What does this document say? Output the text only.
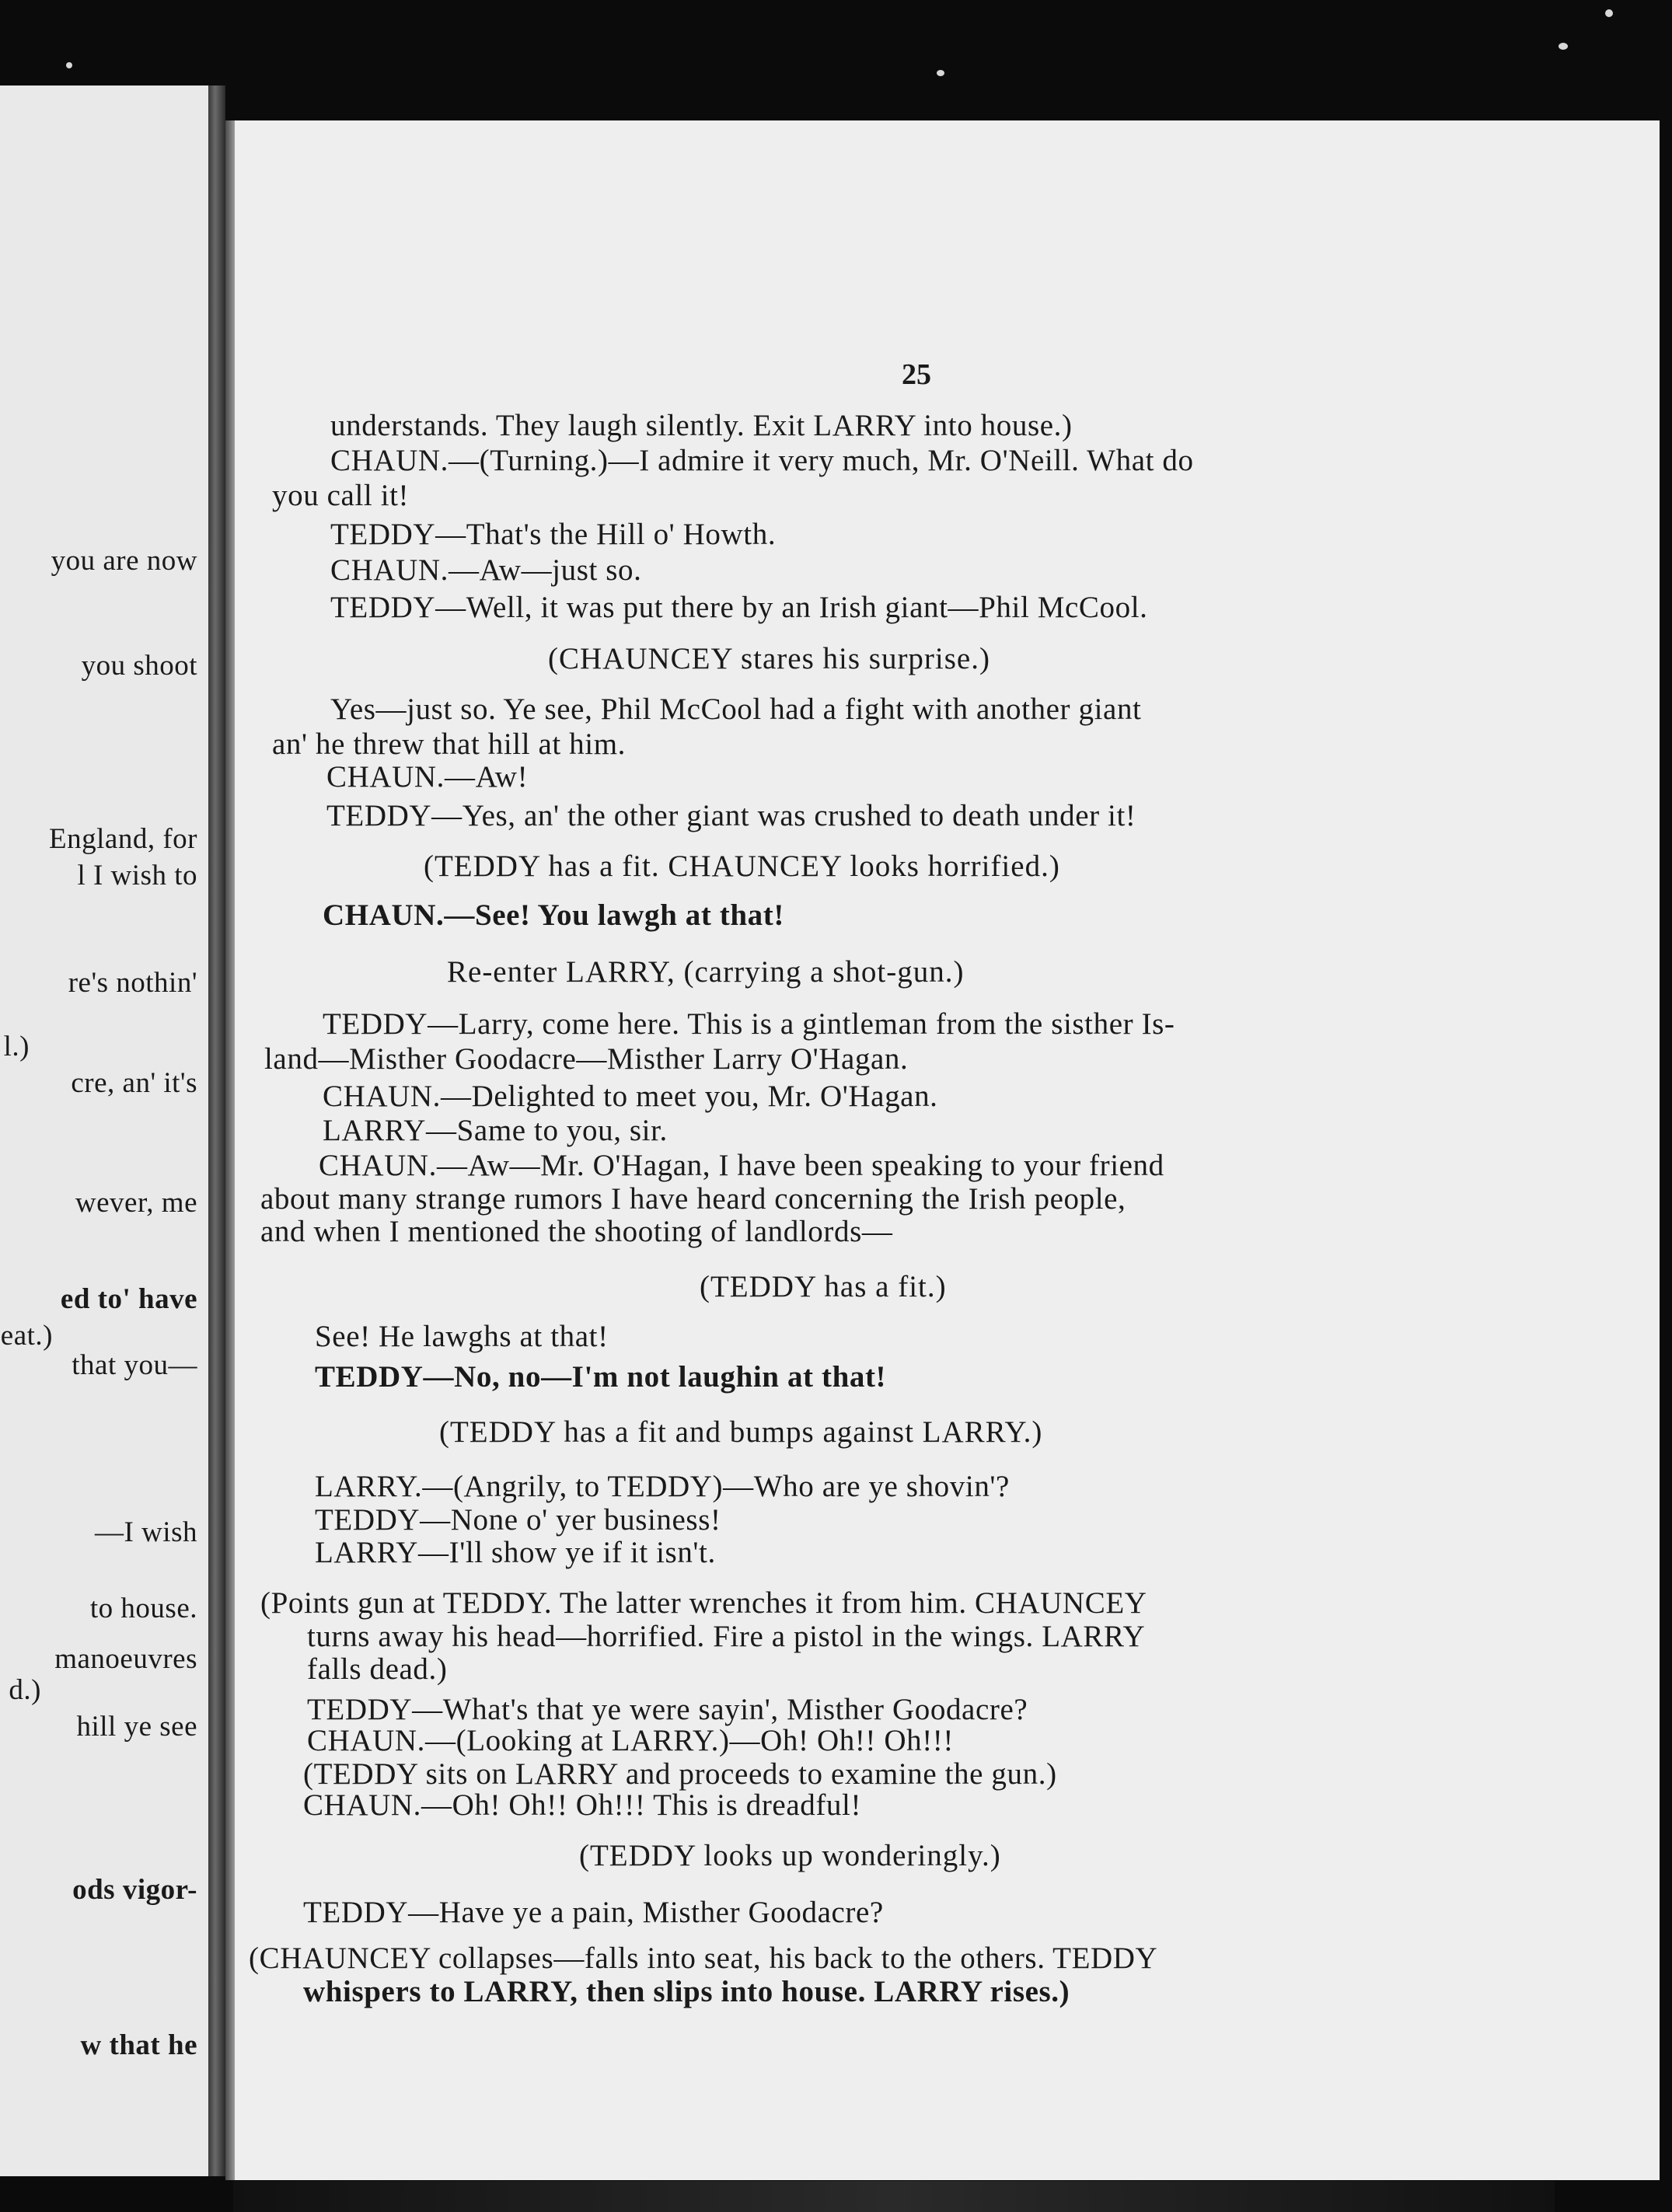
you are now

you shoot

England, for

l I wish to

re's nothin'

l.)

cre, an' it's

wever, me

ed to' have

eat.)

that you—

—I wish

to house.

manoeuvres

d.)

hill ye see

ods vigor-

w that he

25

understands. They laugh silently. Exit LARRY into house.)

CHAUN.—(Turning.)—I admire it very much, Mr. O'Neill. What do

you call it!

TEDDY—That's the Hill o' Howth.

CHAUN.—Aw—just so.

TEDDY—Well, it was put there by an Irish giant—Phil McCool.

(CHAUNCEY stares his surprise.)

Yes—just so. Ye see, Phil McCool had a fight with another giant

an' he threw that hill at him.

CHAUN.—Aw!

TEDDY—Yes, an' the other giant was crushed to death under it!

(TEDDY has a fit. CHAUNCEY looks horrified.)

CHAUN.—See! You lawgh at that!

Re-enter LARRY, (carrying a shot-gun.)

TEDDY—Larry, come here. This is a gintleman from the sisther Is-

land—Misther Goodacre—Misther Larry O'Hagan.

CHAUN.—Delighted to meet you, Mr. O'Hagan.

LARRY—Same to you, sir.

CHAUN.—Aw—Mr. O'Hagan, I have been speaking to your friend

about many strange rumors I have heard concerning the Irish people,

and when I mentioned the shooting of landlords—

(TEDDY has a fit.)

See! He lawghs at that!

TEDDY—No, no—I'm not laughin at that!

(TEDDY has a fit and bumps against LARRY.)

LARRY.—(Angrily, to TEDDY)—Who are ye shovin'?

TEDDY—None o' yer business!

LARRY—I'll show ye if it isn't.

(Points gun at TEDDY. The latter wrenches it from him. CHAUNCEY

turns away his head—horrified. Fire a pistol in the wings. LARRY

falls dead.)

TEDDY—What's that ye were sayin', Misther Goodacre?

CHAUN.—(Looking at LARRY.)—Oh! Oh!! Oh!!!

(TEDDY sits on LARRY and proceeds to examine the gun.)

CHAUN.—Oh! Oh!! Oh!!! This is dreadful!

(TEDDY looks up wonderingly.)

TEDDY—Have ye a pain, Misther Goodacre?

(CHAUNCEY collapses—falls into seat, his back to the others. TEDDY

whispers to LARRY, then slips into house. LARRY rises.)
